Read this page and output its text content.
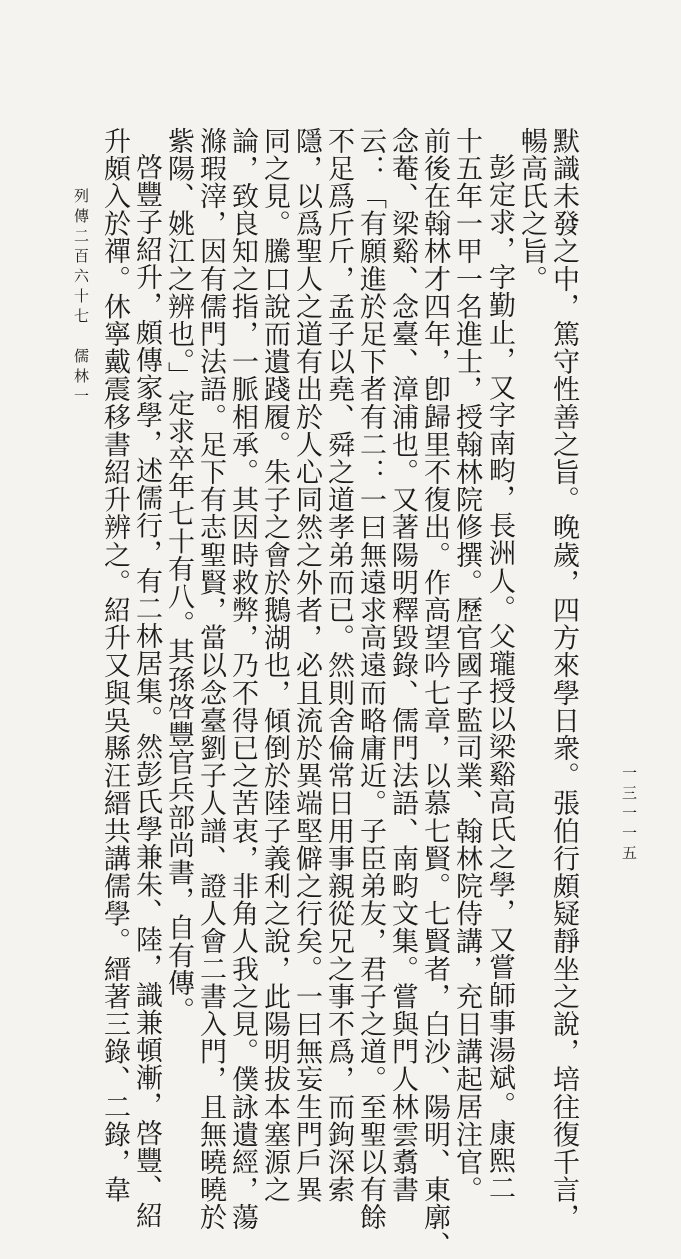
默識未發之中，篤守性善之旨。晚歲，四方來學日衆。張伯行頗疑靜坐之說，培往復千言，
暢高氏之旨。
彭定求，字勤止，又字南畇，長洲人。父瓏授以梁谿高氏之學，又嘗師事湯斌。康熙二
十五年一甲一名進士，授翰林院修撰。歷官國子監司業、翰林院侍講，充日講起居注官。
前後在翰林才四年，卽歸里不復出。作高望吟七章，以慕七賢。七賢者，白沙、陽明、東廓、
念菴、梁谿、念臺、漳浦也。又著陽明釋毀錄、儒門法語、南畇文集。嘗與門人林雲翥書
云：「有願進於足下者有二：一曰無遠求高遠而略庸近。子臣弟友，君子之道。至聖以有餘
不足爲斤斤，孟子以堯、舜之道孝弟而已。然則舍倫常日用事親從兄之事不爲，而鉤深索
隱，以爲聖人之道有出於人心同然之外者，必且流於異端堅僻之行矣。一曰無妄生門戶異
同之見。騰口說而遺踐履。朱子之會於鵝湖也，傾倒於陸子義利之說，此陽明拔本塞源之
論，致良知之指，一脈相承。其因時救弊，乃不得已之苦衷，非角人我之見。僕詠遺經，蕩
滌瑕滓，因有儒門法語。足下有志聖賢，當以念臺劉子人譜、證人會二書入門，且無曉曉於
紫陽、姚江之辨也。」定求卒年七十有八。其孫啓豐官兵部尚書，自有傳。
啓豐子紹升，頗傳家學，述儒行，有二林居集。然彭氏學兼朱、陸，識兼頓漸，啓豐、紹
升頗入於禪。休寧戴震移書紹升辨之。紹升又與吳縣汪縉共講儒學。縉著三錄、二錄，韋
列傳二百六十七　儒林一
一三一一五
